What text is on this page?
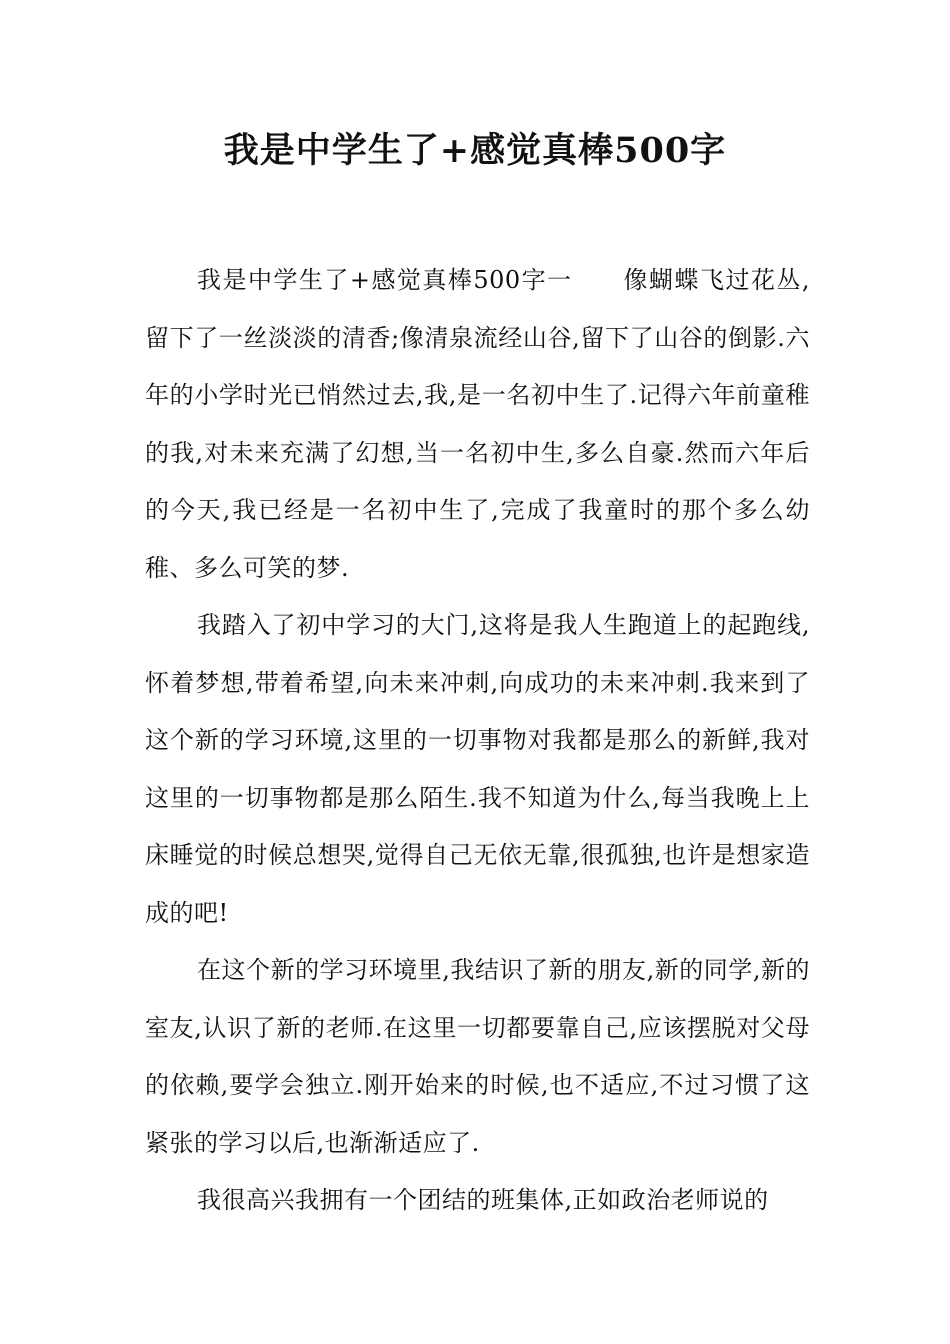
我是中学生了+感觉真棒500字

我是中学生了+感觉真棒500字一　　像蝴蝶飞过花丛,留下了一丝淡淡的清香;像清泉流经山谷,留下了山谷的倒影.六年的小学时光已悄然过去,我,是一名初中生了.记得六年前童稚的我,对未来充满了幻想,当一名初中生,多么自豪.然而六年后的今天,我已经是一名初中生了,完成了我童时的那个多么幼稚、多么可笑的梦.

我踏入了初中学习的大门,这将是我人生跑道上的起跑线,怀着梦想,带着希望,向未来冲刺,向成功的未来冲刺.我来到了这个新的学习环境,这里的一切事物对我都是那么的新鲜,我对这里的一切事物都是那么陌生.我不知道为什么,每当我晚上上床睡觉的时候总想哭,觉得自己无依无靠,很孤独,也许是想家造成的吧!

在这个新的学习环境里,我结识了新的朋友,新的同学,新的室友,认识了新的老师.在这里一切都要靠自己,应该摆脱对父母的依赖,要学会独立.刚开始来的时候,也不适应,不过习惯了这紧张的学习以后,也渐渐适应了.

我很高兴我拥有一个团结的班集体,正如政治老师说的
